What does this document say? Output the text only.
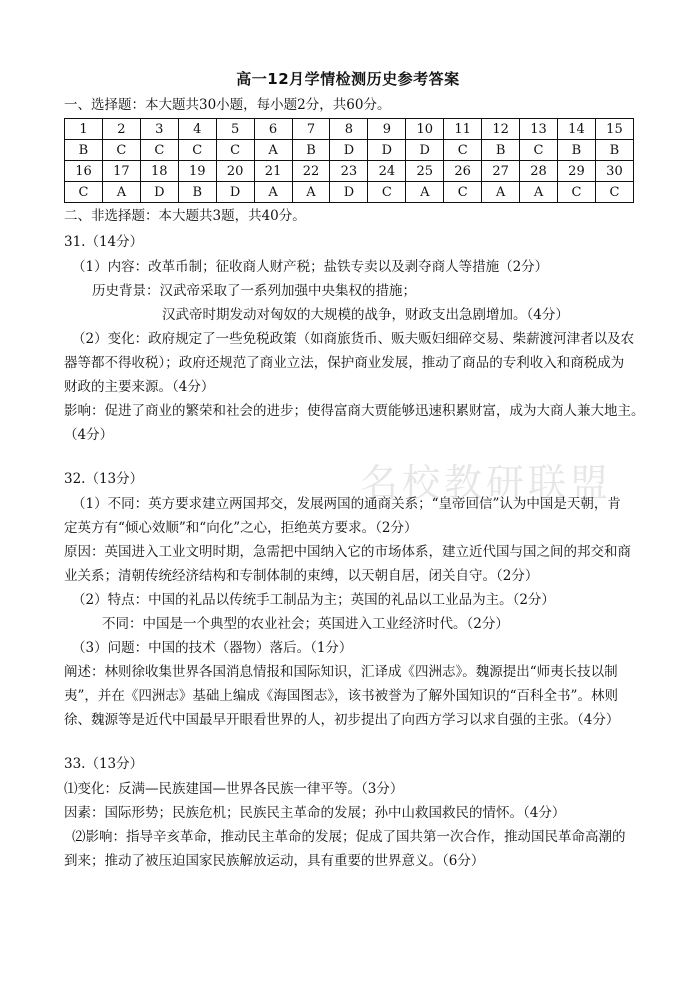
名校教研联盟
高一12月学情检测历史参考答案
一、选择题：本大题共30小题，每小题2分，共60分。
1	2	3	4	5	6	7	8	9	10	11	12	13	14	15
B	C	C	C	C	A	B	D	D	D	C	B	C	B	B
16	17	18	19	20	21	22	23	24	25	26	27	28	29	30
C	A	D	B	D	A	A	D	C	A	C	A	A	C	C
二、非选择题：本大题共3题，共40分。
31.（14分）
（1）内容：改革币制；征收商人财产税；盐铁专卖以及剥夺商人等措施（2分）
历史背景：汉武帝采取了一系列加强中央集权的措施；
汉武帝时期发动对匈奴的大规模的战争，财政支出急剧增加。（4分）
（2）变化：政府规定了一些免税政策（如商旅货币、贩夫贩妇细碎交易、柴薪渡河津者以及农
器等都不得收税）；政府还规范了商业立法，保护商业发展，推动了商品的专利收入和商税成为
财政的主要来源。（4分）
影响：促进了商业的繁荣和社会的进步；使得富商大贾能够迅速积累财富，成为大商人兼大地主。
（4分）
32.（13分）
（1）不同：英方要求建立两国邦交，发展两国的通商关系；“皇帝回信”认为中国是天朝，肯
定英方有“倾心效顺”和“向化”之心，拒绝英方要求。（2分）
原因：英国进入工业文明时期，急需把中国纳入它的市场体系，建立近代国与国之间的邦交和商
业关系；清朝传统经济结构和专制体制的束缚，以天朝自居，闭关自守。（2分）
（2）特点：中国的礼品以传统手工制品为主；英国的礼品以工业品为主。（2分）
不同：中国是一个典型的农业社会；英国进入工业经济时代。（2分）
（3）问题：中国的技术（器物）落后。（1分）
阐述：林则徐收集世界各国消息情报和国际知识，汇译成《四洲志》。魏源提出“师夷长技以制
夷”，并在《四洲志》基础上编成《海国图志》，该书被誉为了解外国知识的“百科全书”。林则
徐、魏源等是近代中国最早开眼看世界的人，初步提出了向西方学习以求自强的主张。（4分）
33.（13分）
⑴变化：反满—民族建国—世界各民族一律平等。（3分）
因素：国际形势；民族危机；民族民主革命的发展；孙中山救国救民的情怀。（4分）
⑵影响：指导辛亥革命，推动民主革命的发展；促成了国共第一次合作，推动国民革命高潮的
到来；推动了被压迫国家民族解放运动，具有重要的世界意义。（6分）
